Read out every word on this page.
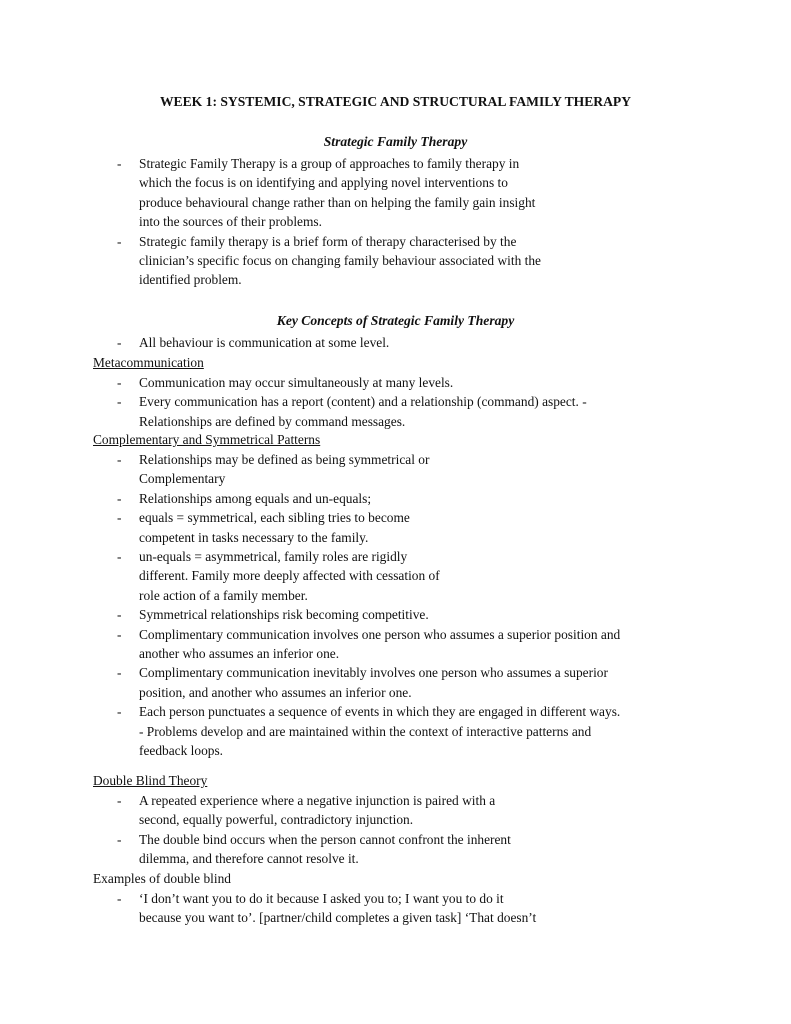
WEEK 1: SYSTEMIC, STRATEGIC AND STRUCTURAL FAMILY THERAPY
Strategic Family Therapy
- Strategic Family Therapy is a group of approaches to family therapy in
which the focus is on identifying and applying novel interventions to
produce behavioural change rather than on helping the family gain insight
into the sources of their problems.
- Strategic family therapy is a brief form of therapy characterised by the
clinician’s specific focus on changing family behaviour associated with the
identified problem.
Key Concepts of Strategic Family Therapy
- All behaviour is communication at some level.

Metacommunication

- Communication may occur simultaneously at many levels.
- Every communication has a report (content) and a relationship (command) aspect. -
Relationships are defined by command messages.

Complementary and Symmetrical Patterns

- Relationships may be defined as being symmetrical or
Complementary
- Relationships among equals and un-equals;
- equals = symmetrical, each sibling tries to become
competent in tasks necessary to the family.
- un-equals = asymmetrical, family roles are rigidly
different. Family more deeply affected with cessation of
role action of a family member.
- Symmetrical relationships risk becoming competitive.
- Complimentary communication involves one person who assumes a superior position and
another who assumes an inferior one.
- Complimentary communication inevitably involves one person who assumes a superior
position, and another who assumes an inferior one.
- Each person punctuates a sequence of events in which they are engaged in different ways.
- Problems develop and are maintained within the context of interactive patterns and
feedback loops.

Double Blind Theory

- A repeated experience where a negative injunction is paired with a
second, equally powerful, contradictory injunction.
- The double bind occurs when the person cannot confront the inherent
dilemma, and therefore cannot resolve it.

Examples of double blind

- ‘I don’t want you to do it because I asked you to; I want you to do it
because you want to’. [partner/child completes a given task] ‘That doesn’t
